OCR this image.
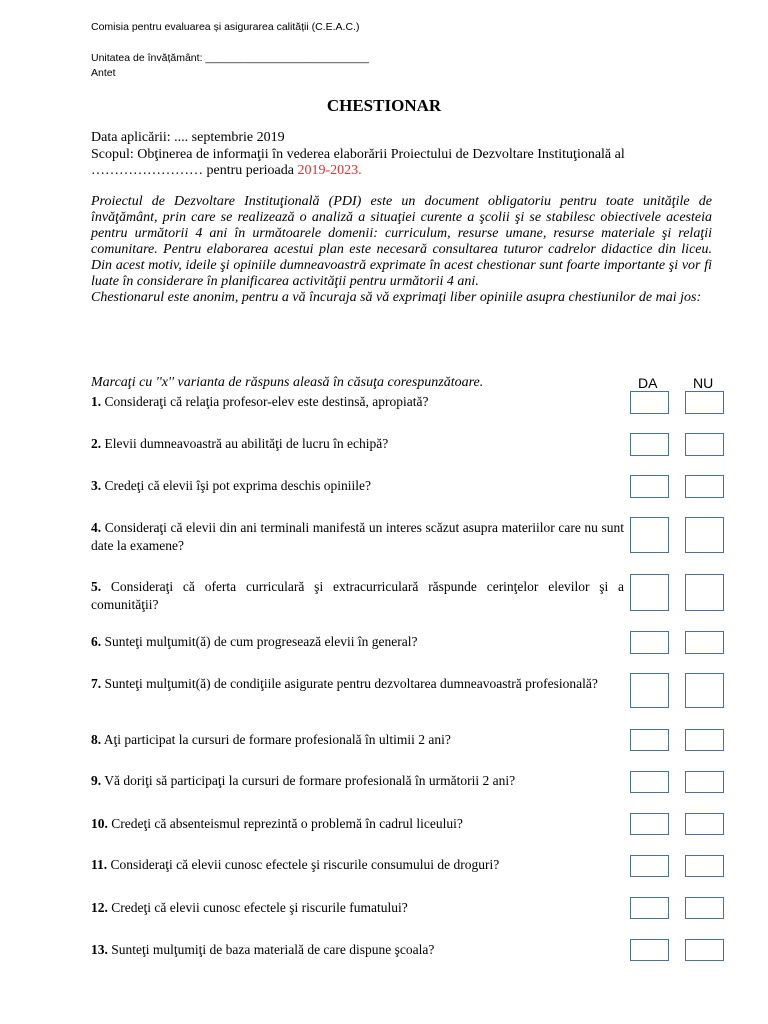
Comisia pentru evaluarea și asigurarea calității (C.E.A.C.)
Unitatea de învățământ: ____________________________
Antet
CHESTIONAR
Data aplicării: .... septembrie 2019
Scopul: Obţinerea de informaţii în vederea elaborării Proiectului de Dezvoltare Instituţională al
…………………… pentru perioada 2019-2023.

Proiectul de Dezvoltare Instituţională (PDI) este un document obligatoriu pentru toate unităţile de învăţământ, prin care se realizează o analiză a situaţiei curente a şcolii şi se stabilesc obiectivele acesteia pentru următorii 4 ani în următoarele domenii: curriculum, resurse umane, resurse materiale şi relaţii comunitare. Pentru elaborarea acestui plan este necesară consultarea tuturor cadrelor didactice din liceu. Din acest motiv, ideile şi opiniile dumneavoastră exprimate în acest chestionar sunt foarte importante şi vor fi luate în considerare în planificarea activităţii pentru următorii 4 ani.

Chestionarul este anonim, pentru a vă încuraja să vă exprimaţi liber opiniile asupra chestiunilor de mai jos:

Marcaţi cu ''x'' varianta de răspuns aleasă în căsuţa corespunzătoare.	DA	NU
1. Consideraţi că relaţia profesor-elev este destinsă, apropiată?
2. Elevii dumneavoastră au abilităţi de lucru în echipă?
3. Credeţi că elevii îşi pot exprima deschis opiniile?
4. Consideraţi că elevii din ani terminali manifestă un interes scăzut asupra materiilor care nu sunt date la examene?
5. Consideraţi că oferta curriculară şi extracurriculară răspunde cerinţelor elevilor şi a comunităţii?
6. Sunteţi mulţumit(ă) de cum progresează elevii în general?
7. Sunteţi mulţumit(ă) de condiţiile asigurate pentru dezvoltarea dumneavoastră profesională?
8. Aţi participat la cursuri de formare profesională în ultimii 2 ani?
9. Vă doriţi să participaţi la cursuri de formare profesională în următorii 2 ani?
10. Credeţi că absenteismul reprezintă o problemă în cadrul liceului?
11. Consideraţi că elevii cunosc efectele şi riscurile consumului de droguri?
12. Credeţi că elevii cunosc efectele şi riscurile fumatului?
13. Sunteţi mulţumiţi de baza materială de care dispune şcoala?
